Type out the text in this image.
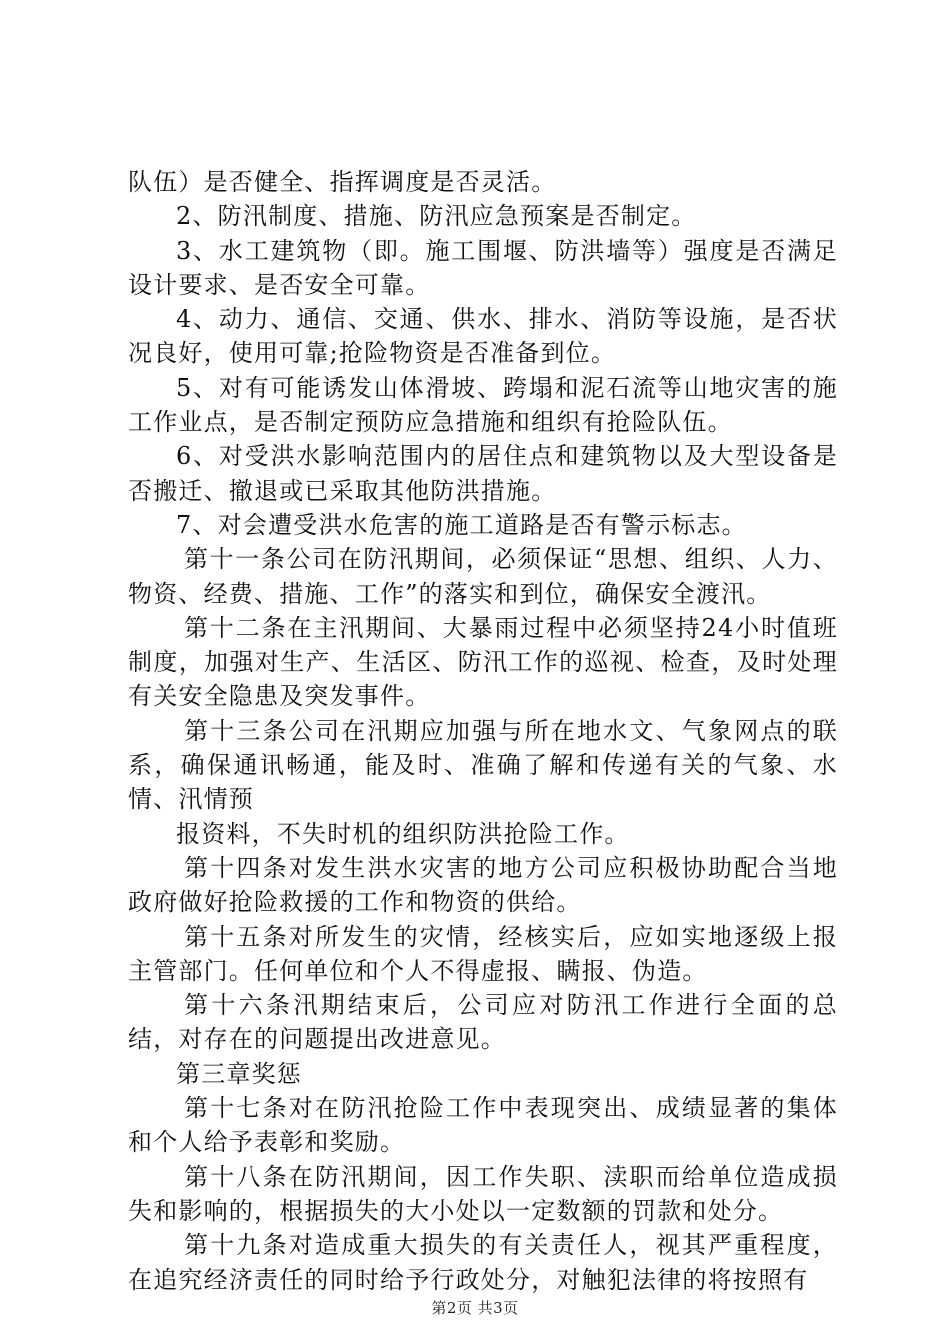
队伍）是否健全、指挥调度是否灵活。

2、防汛制度、措施、防汛应急预案是否制定。

3、水工建筑物（即。施工围堰、防洪墙等）强度是否满足设计要求、是否安全可靠。

4、动力、通信、交通、供水、排水、消防等设施，是否状况良好，使用可靠;抢险物资是否准备到位。

5、对有可能诱发山体滑坡、跨塌和泥石流等山地灾害的施工作业点，是否制定预防应急措施和组织有抢险队伍。

6、对受洪水影响范围内的居住点和建筑物以及大型设备是否搬迁、撤退或已采取其他防洪措施。

7、对会遭受洪水危害的施工道路是否有警示标志。

第十一条公司在防汛期间，必须保证“思想、组织、人力、物资、经费、措施、工作”的落实和到位，确保安全渡汛。

第十二条在主汛期间、大暴雨过程中必须坚持24小时值班制度，加强对生产、生活区、防汛工作的巡视、检查，及时处理有关安全隐患及突发事件。

第十三条公司在汛期应加强与所在地水文、气象网点的联系，确保通讯畅通，能及时、准确了解和传递有关的气象、水情、汛情预

报资料，不失时机的组织防洪抢险工作。

第十四条对发生洪水灾害的地方公司应积极协助配合当地政府做好抢险救援的工作和物资的供给。

第十五条对所发生的灾情，经核实后，应如实地逐级上报主管部门。任何单位和个人不得虚报、瞒报、伪造。

第十六条汛期结束后，公司应对防汛工作进行全面的总结，对存在的问题提出改进意见。

第三章奖惩

第十七条对在防汛抢险工作中表现突出、成绩显著的集体和个人给予表彰和奖励。

第十八条在防汛期间，因工作失职、渎职而给单位造成损失和影响的，根据损失的大小处以一定数额的罚款和处分。

第十九条对造成重大损失的有关责任人，视其严重程度，在追究经济责任的同时给予行政处分，对触犯法律的将按照有

第2页 共3页
